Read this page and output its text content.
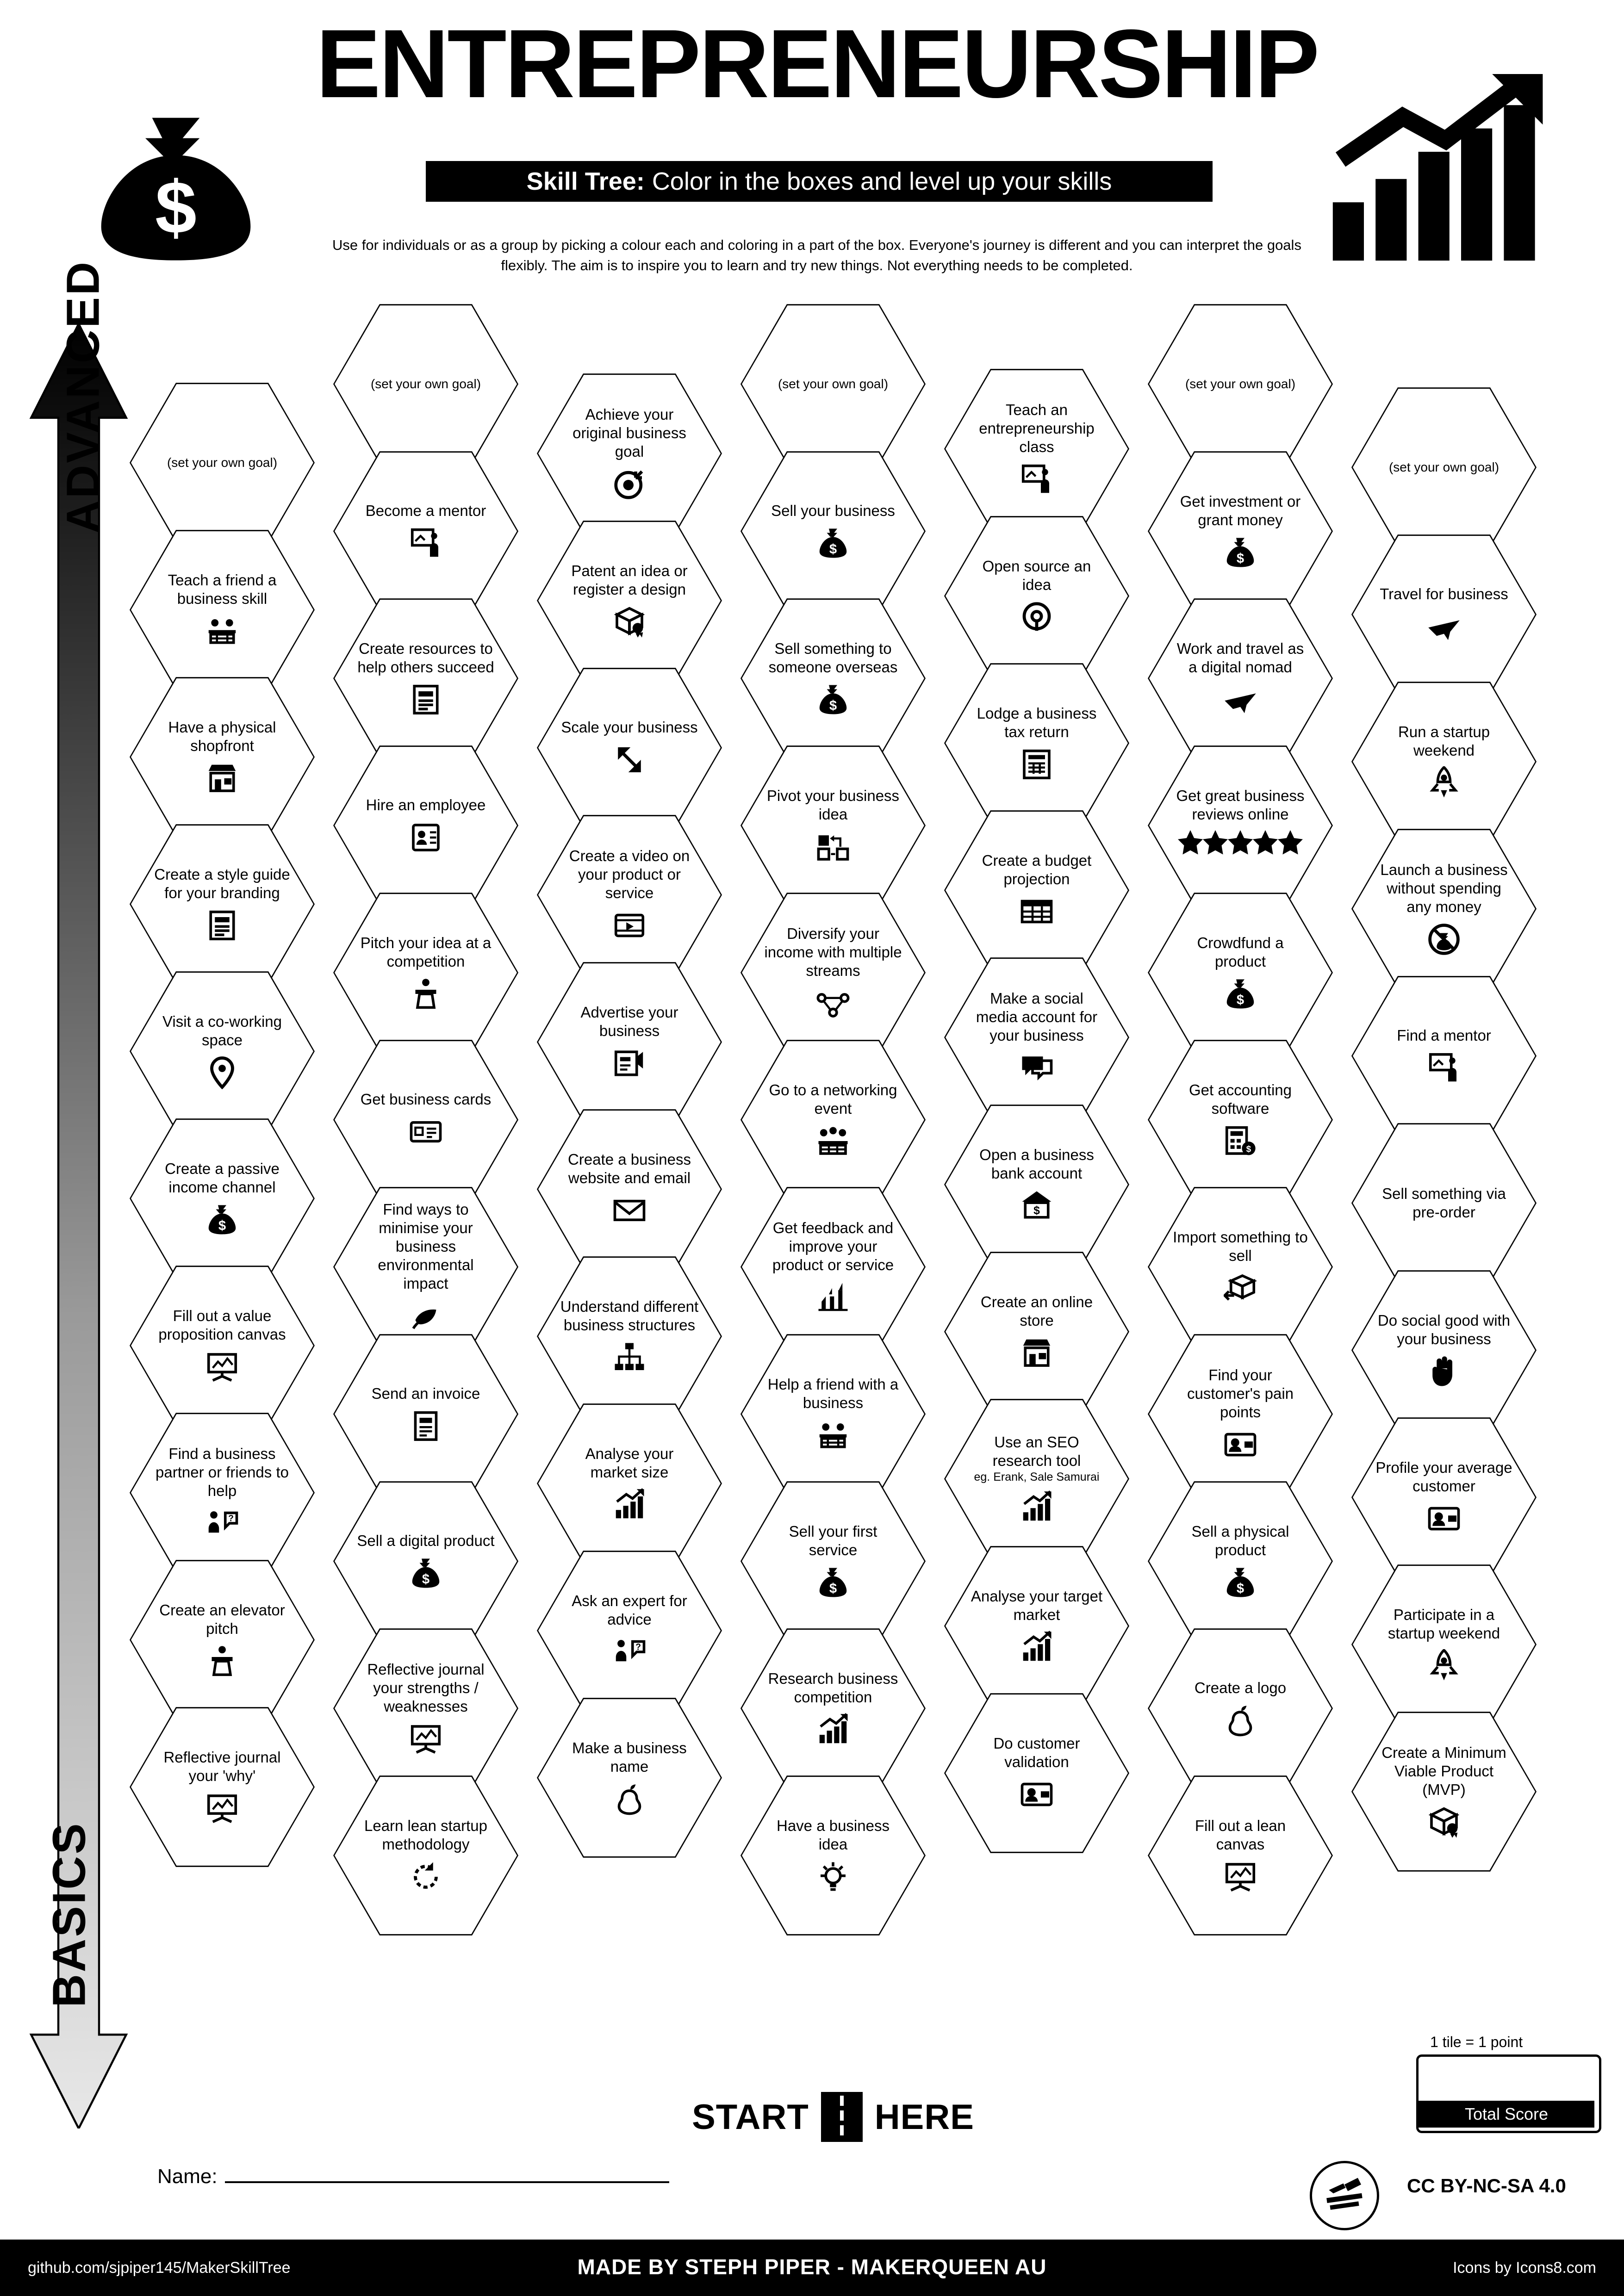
$
ENTREPRENEURSHIP
Skill Tree: Color in the boxes and level up your skills
Use for individuals or as a group by picking a colour each and coloring in a part of the box. Everyone's journey is different and you can interpret the goals flexibly. The aim is to inspire you to learn and try new things. Not everything needs to be completed.
ADVANCED
BASICS
(set your own goal)
Teach a friend a business skill
Have a physical shopfront
Create a style guide for your branding
Visit a co-working space
Create a passive income channel
$
Fill out a value proposition canvas
Find a business partner or friends to help
?
Create an elevator pitch
Reflective journal your 'why'
(set your own goal)
Become a mentor
Create resources to help others succeed
Hire an employee
Pitch your idea at a competition
Get business cards
Find ways to minimise your business environmental impact
Send an invoice
Sell a digital product
$
Reflective journal your strengths / weaknesses
Learn lean startup methodology
Achieve your original business goal
Patent an idea or register a design
Scale your business
Create a video on your product or service
Advertise your business
Create a business website and email
Understand different business structures
Analyse your market size
Ask an expert for advice
?
Make a business name
(set your own goal)
Sell your business
$
Sell something to someone overseas
$
Pivot your business idea
Diversify your income with multiple streams
Go to a networking event
Get feedback and improve your product or service
Help a friend with a business
Sell your first service
$
Research business competition
Have a business idea
Teach an entrepreneurship class
Open source an idea
Lodge a business tax return
Create a budget projection
Make a social media account for your business
Open a business bank account
$
Create an online store
Use an SEO research tool
eg. Erank, Sale Samurai
Analyse your target market
Do customer validation
(set your own goal)
Get investment or grant money
$
Work and travel as a digital nomad
Get great business reviews online
Crowdfund a product
$
Get accounting software
$
Import something to sell
Find your customer's pain points
Sell a physical product
$
Create a logo
Fill out a lean canvas
(set your own goal)
Travel for business
Run a startup weekend
Launch a business without spending any money
Find a mentor
Sell something via pre-order
Do social good with your business
Profile your average customer
Participate in a startup weekend
Create a Minimum Viable Product (MVP)
START HERE
Name:
1 tile = 1 point
Total Score
CC BY-NC-SA 4.0
github.com/sjpiper145/MakerSkillTree	MADE BY STEPH PIPER - MAKERQUEEN AU	Icons by Icons8.com
